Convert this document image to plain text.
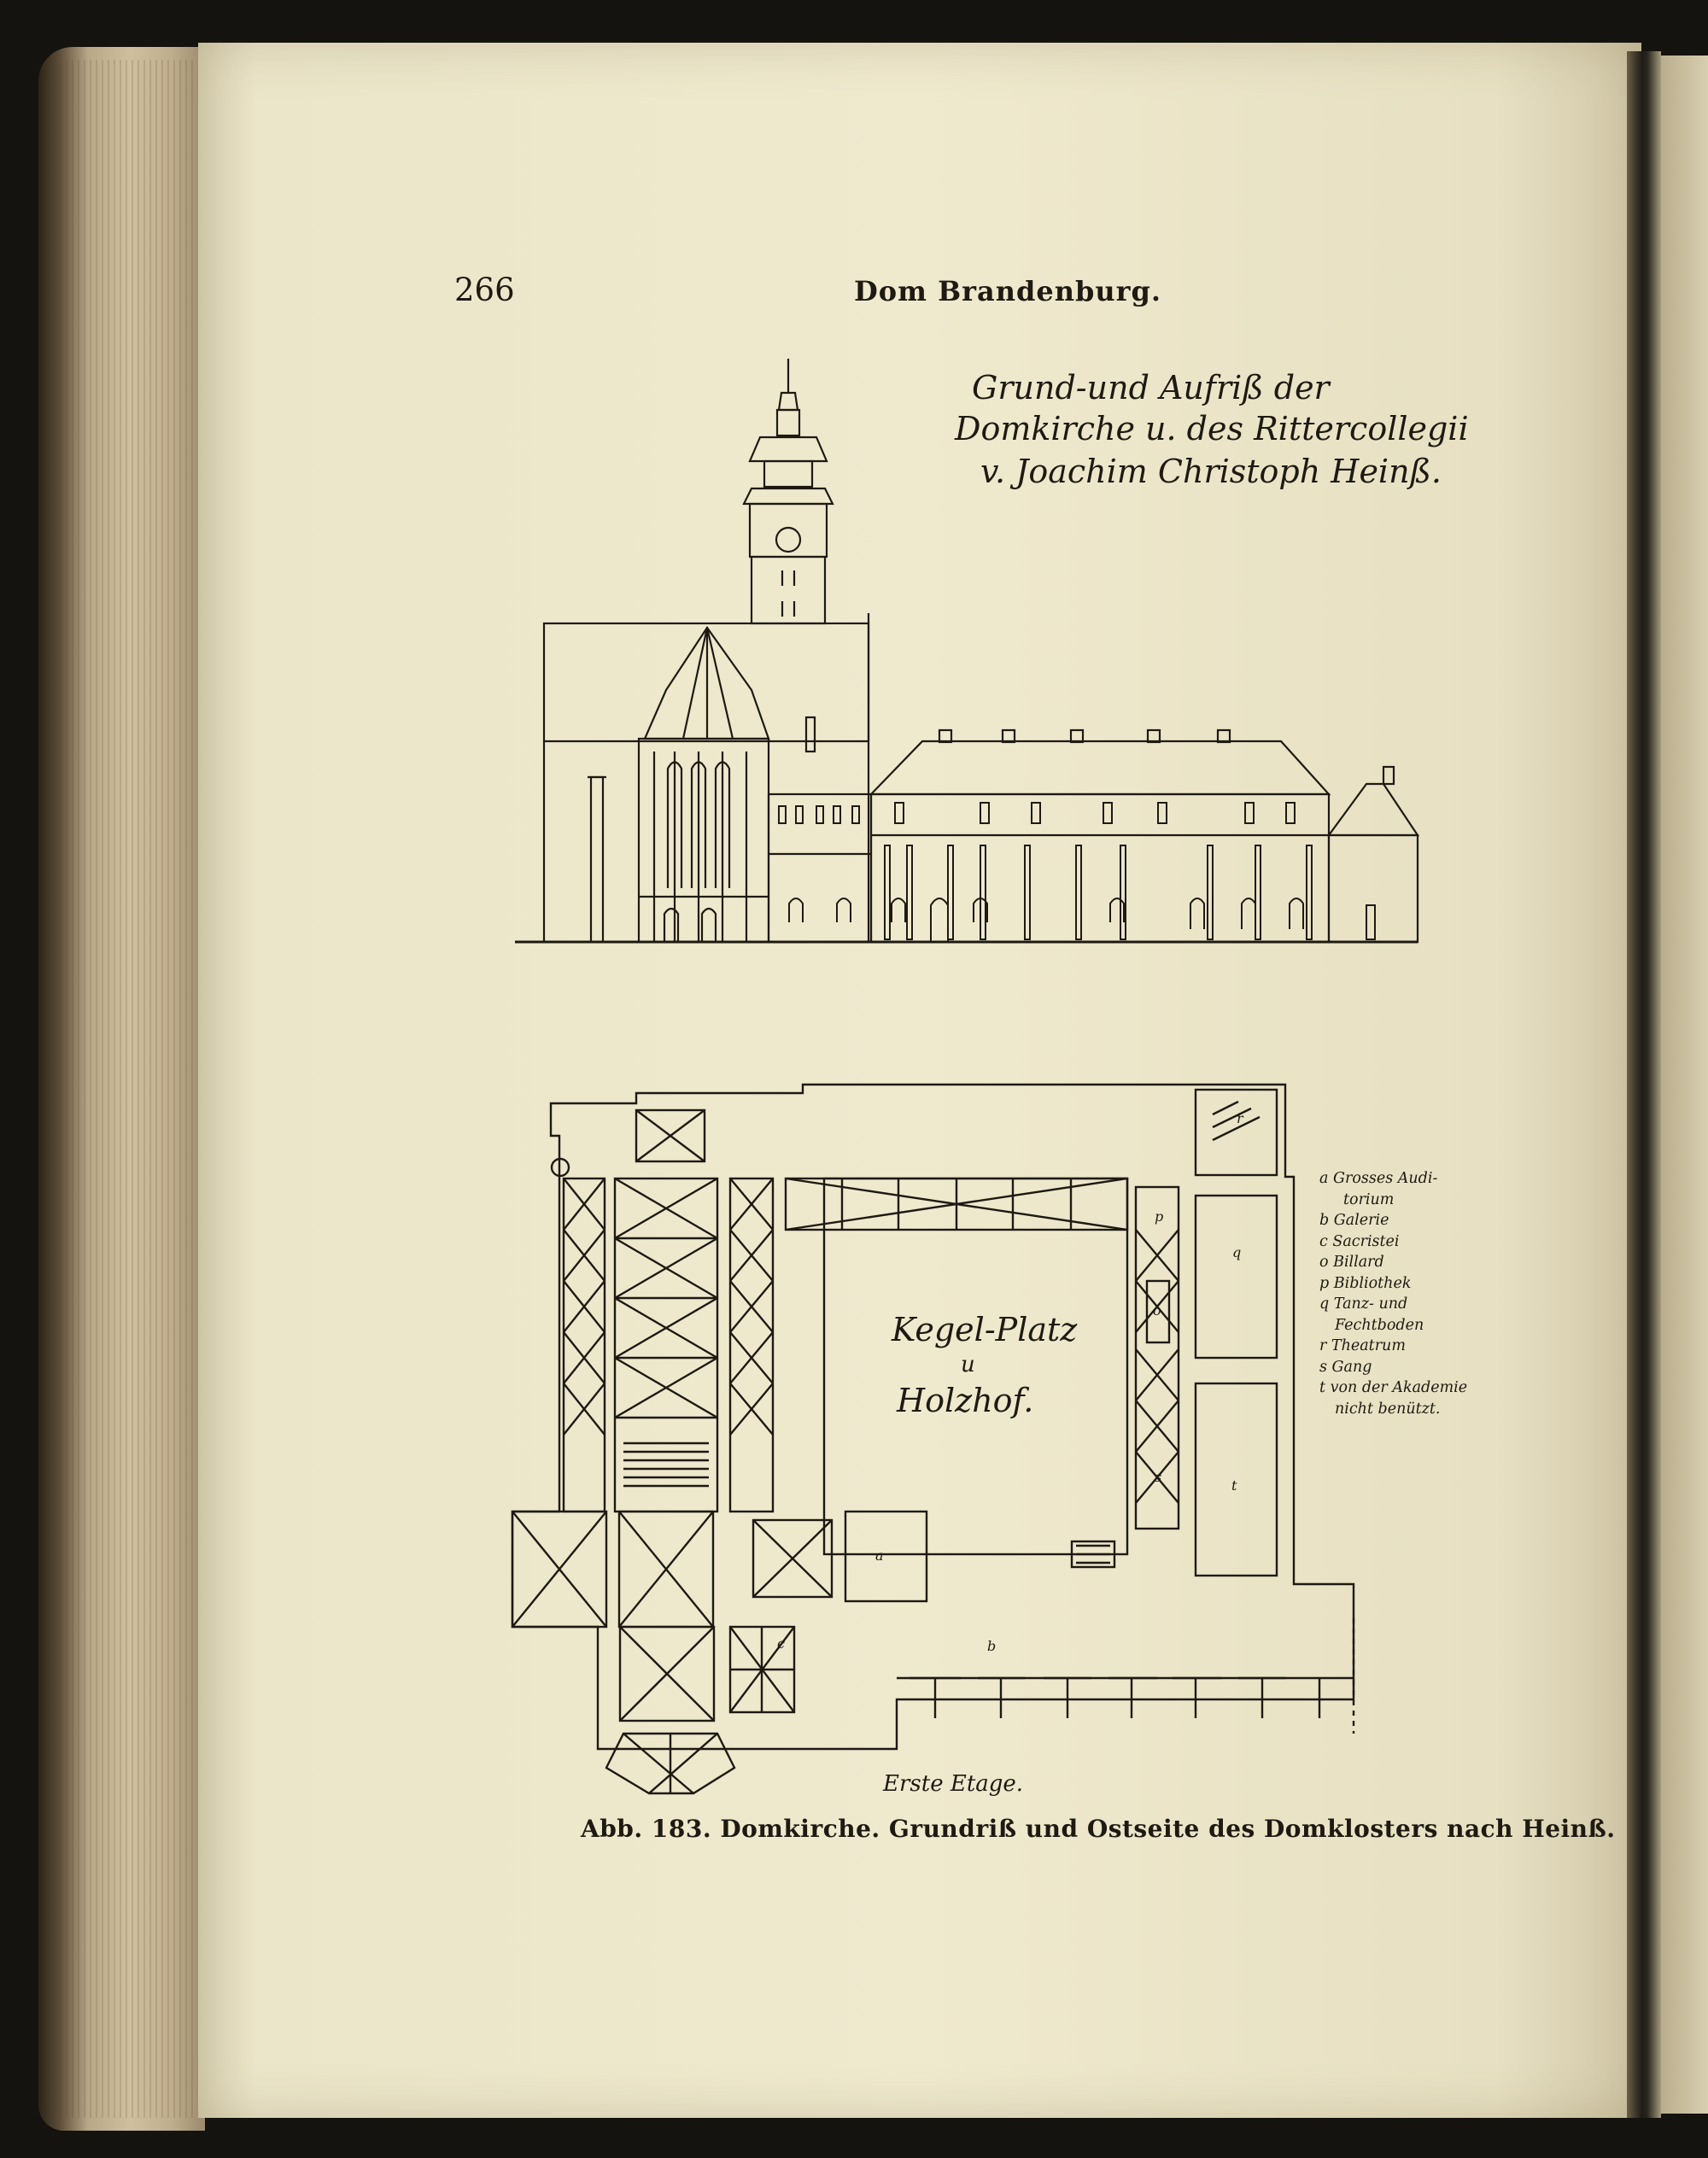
266	Dom Brandenburg.
Grund-und Aufriß der
Domkirche u. des Rittercollegii
v. Joachim Christoph Heinß.
Kegel-Platz
u
Holzhof.
a
b
c
o
p
q
r
s
t
a Grosses Audi-
torium
b Galerie
c Sacristei
o Billard
p Bibliothek
q Tanz- und
Fechtboden
r Theatrum
s Gang
t von der Akademie
nicht benützt.
Erste Etage.
Abb. 183. Domkirche. Grundriß und Ostseite des Domklosters nach Heinß.
